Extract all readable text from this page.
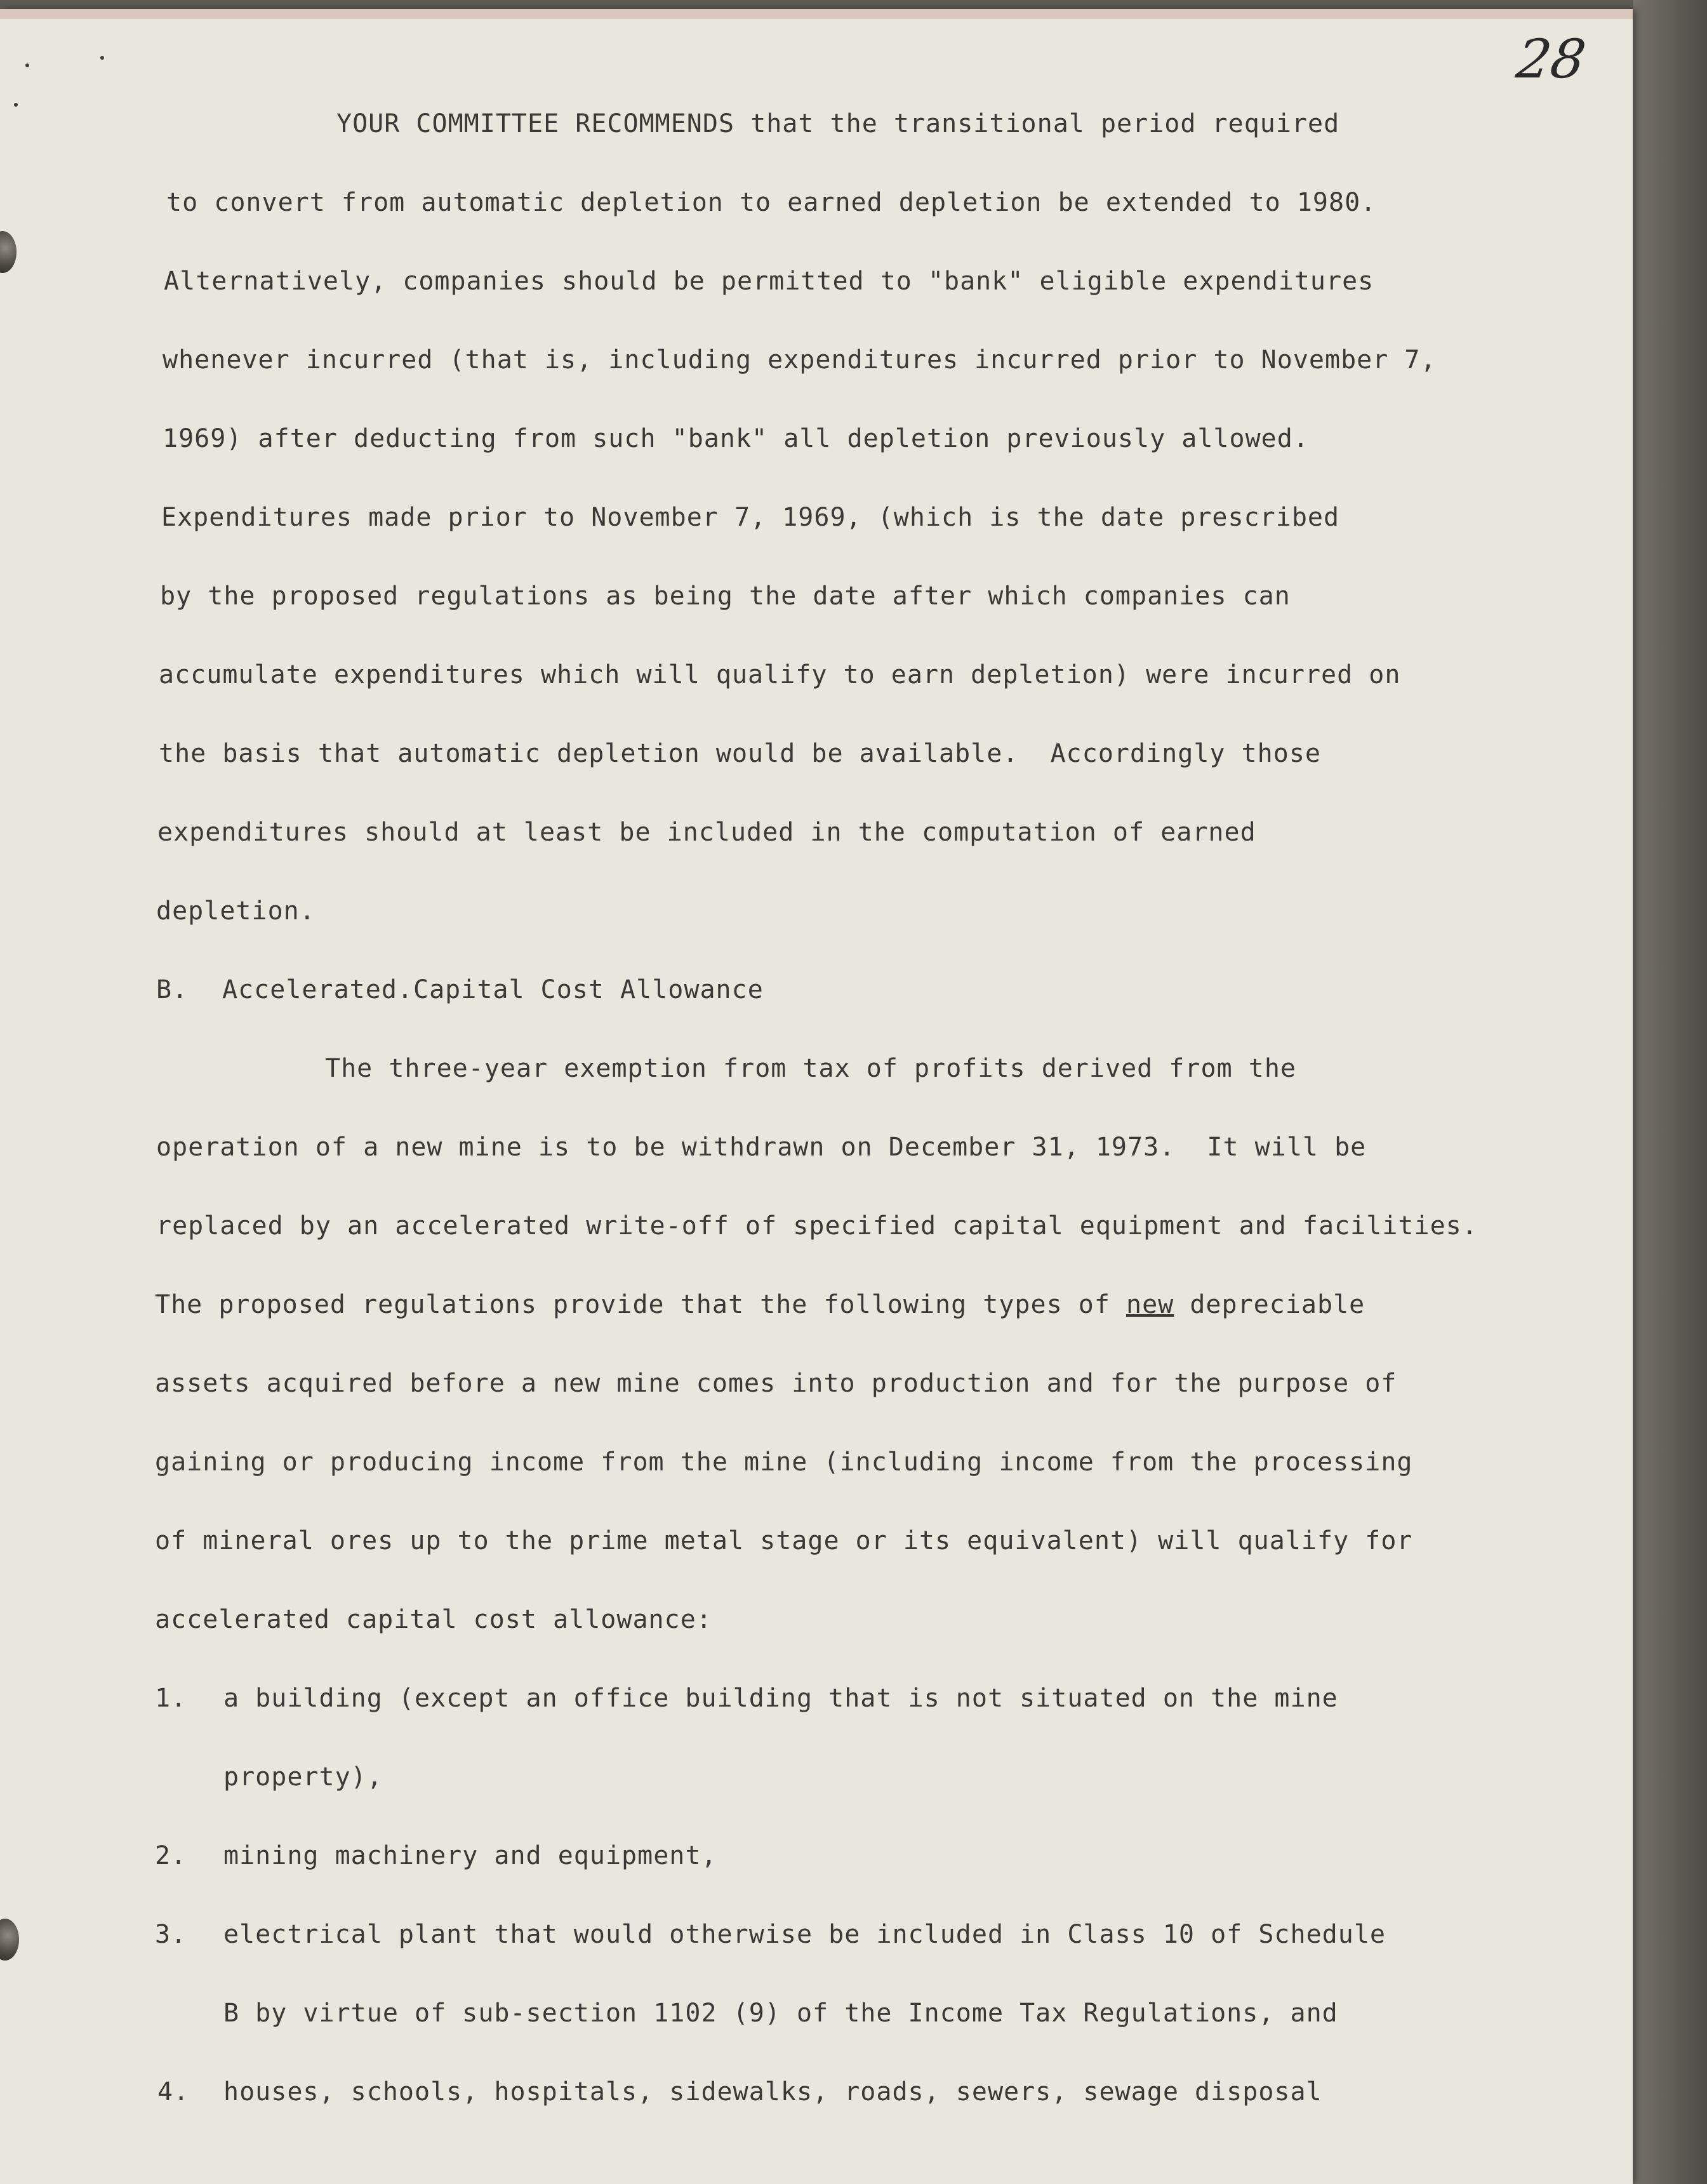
28
YOUR COMMITTEE RECOMMENDS that the transitional period required
to convert from automatic depletion to earned depletion be extended to 1980.
Alternatively, companies should be permitted to "bank" eligible expenditures
whenever incurred (that is, including expenditures incurred prior to November 7,
1969) after deducting from such "bank" all depletion previously allowed.
Expenditures made prior to November 7, 1969, (which is the date prescribed
by the proposed regulations as being the date after which companies can
accumulate expenditures which will qualify to earn depletion) were incurred on
the basis that automatic depletion would be available.  Accordingly those
expenditures should at least be included in the computation of earned
depletion.
B. Accelerated.Capital Cost Allowance
The three-year exemption from tax of profits derived from the
operation of a new mine is to be withdrawn on December 31, 1973.  It will be
replaced by an accelerated write-off of specified capital equipment and facilities.
The proposed regulations provide that the following types of new depreciable
assets acquired before a new mine comes into production and for the purpose of
gaining or producing income from the mine (including income from the processing
of mineral ores up to the prime metal stage or its equivalent) will qualify for
accelerated capital cost allowance:
1. a building (except an office building that is not situated on the mine
property),
2. mining machinery and equipment,
3. electrical plant that would otherwise be included in Class 10 of Schedule
B by virtue of sub-section 1102 (9) of the Income Tax Regulations, and
4. houses, schools, hospitals, sidewalks, roads, sewers, sewage disposal
